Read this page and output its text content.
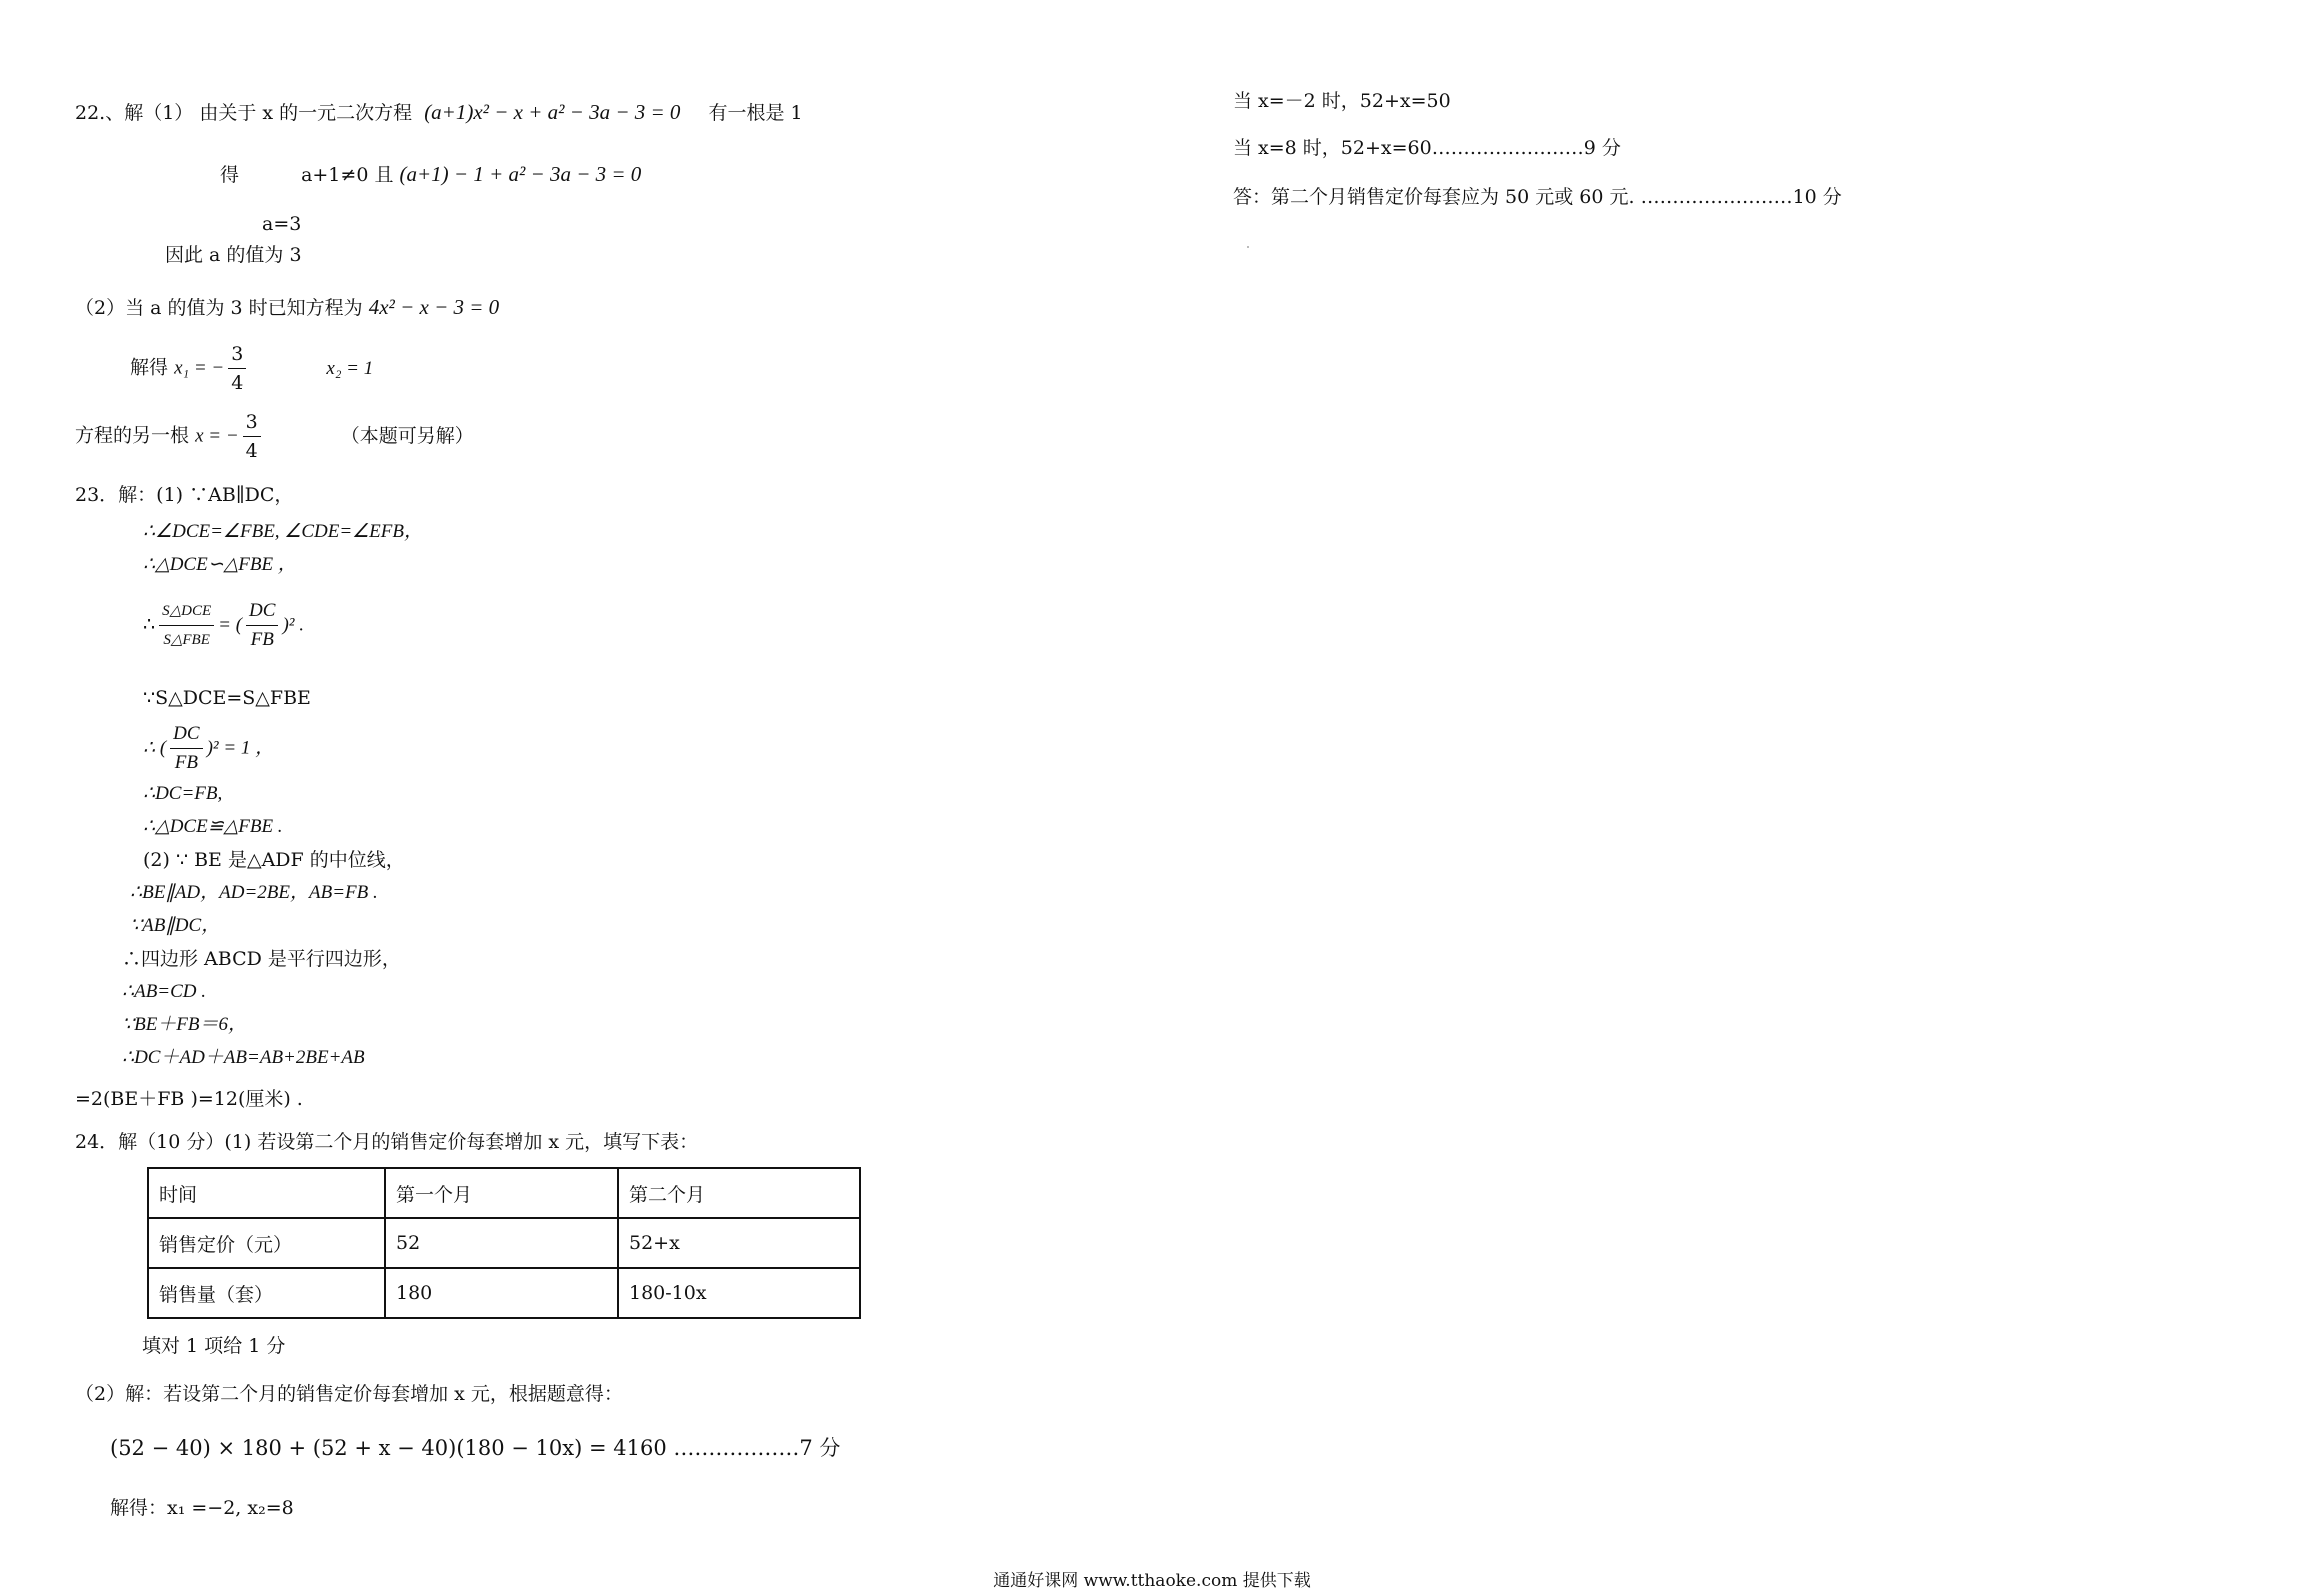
22.、解（1） 由关于 x 的一元二次方程 (a+1)x² − x + a² − 3a − 3 = 0 有一根是 1
得	a+1≠0 且 (a+1) − 1 + a² − 3a − 3 = 0
a=3
因此 a 的值为 3
（2）当 a 的值为 3 时已知方程为 4x² − x − 3 = 0
解得 x₁ = − $\frac{3}{4}$	x₂ = 1
方程的另一根 x = − $\frac{3}{4}$	（本题可另解）
23．解：(1) ∵AB∥DC，
∴∠DCE=∠FBE, ∠CDE=∠EFB，
∴△DCE∽△FBE ，
∴ $\frac{\text{S△DCE}}{\text{S△FBE}}$ = ( $\frac{DC}{FB} )^2$ .
∵S△DCE=S△FBE
∴ ( $\frac{DC}{FB} )^2 = 1$ ，
∴DC=FB,
∴△DCE≌△FBE .
(2) ∵ BE 是△ADF 的中位线，
∴BE∥AD，AD=2BE，AB=FB .
∵AB∥DC，
∴四边形 ABCD 是平行四边形，
∴AB=CD .
∵BE＋FB＝6，
∴DC＋AD＋AB=AB+2BE+AB
=2(BE＋FB )=12(厘米) .
24．解（10 分）(1) 若设第二个月的销售定价每套增加 x 元，填写下表：
时间	第一个月	第二个月
销售定价（元）	52	52+x
销售量（套）	180	180-10x
填对 1 项给 1 分
（2）解：若设第二个月的销售定价每套增加 x 元，根据题意得：
(52 − 40) × 180 + (52 + x − 40)(180 − 10x) = 4160 ………………7 分
解得：x₁ =−2, x₂=8
当 x=－2 时，52+x=50
当 x=8 时，52+x=60……………………9 分
答：第二个月销售定价每套应为 50 元或 60 元. ……………………10 分
通通好课网 www.tthaoke.com 提供下载
